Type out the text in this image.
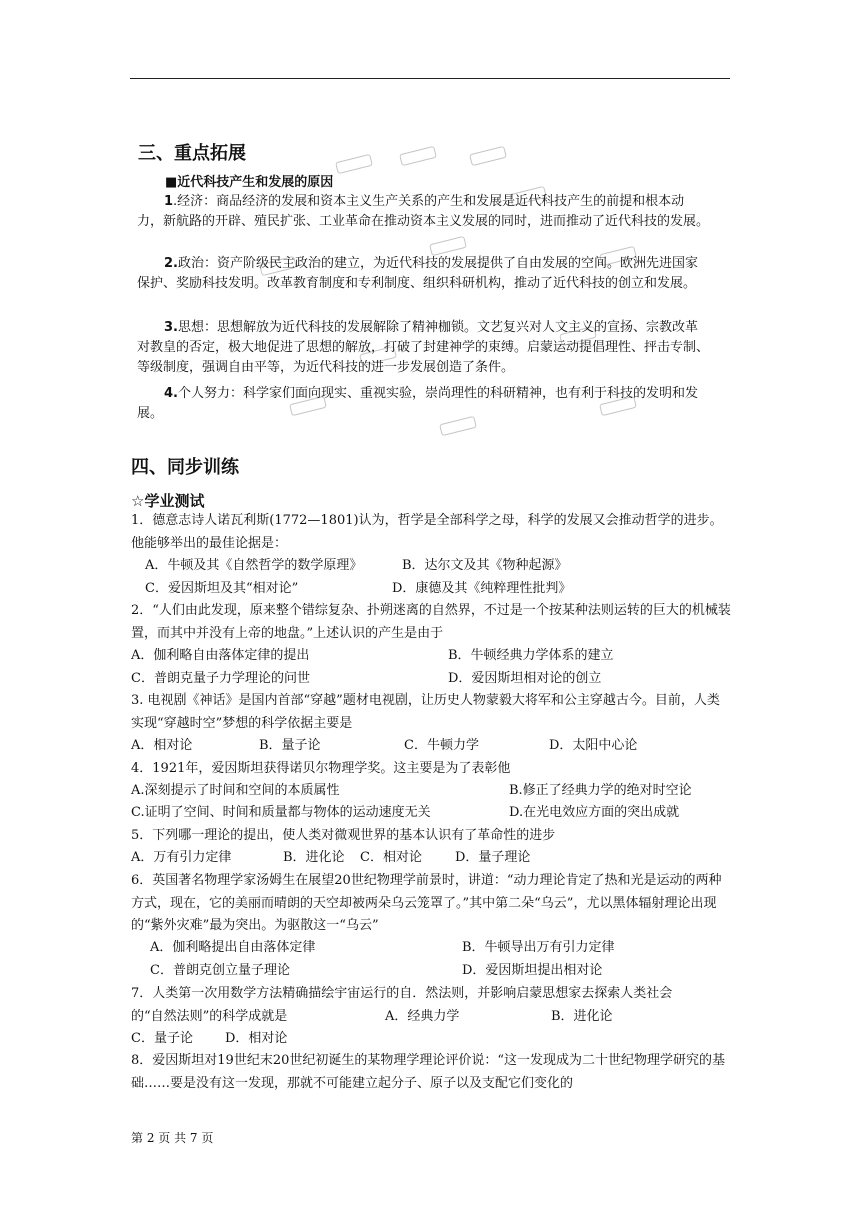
三、重点拓展
■近代科技产生和发展的原因
1.经济：商品经济的发展和资本主义生产关系的产生和发展是近代科技产生的前提和根本动力，新航路的开辟、殖民扩张、工业革命在推动资本主义发展的同时，进而推动了近代科技的发展。
2.政治：资产阶级民主政治的建立，为近代科技的发展提供了自由发展的空间。欧洲先进国家保护、奖励科技发明。改革教育制度和专利制度、组织科研机构，推动了近代科技的创立和发展。
3.思想：思想解放为近代科技的发展解除了精神枷锁。文艺复兴对人文主义的宣扬、宗教改革对教皇的否定，极大地促进了思想的解放，打破了封建神学的束缚。启蒙运动提倡理性、抨击专制、等级制度，强调自由平等，为近代科技的进一步发展创造了条件。
4.个人努力：科学家们面向现实、重视实验，崇尚理性的科研精神，也有利于科技的发明和发展。
四、同步训练
☆学业测试
1．德意志诗人诺瓦利斯(1772—1801)认为，哲学是全部科学之母，科学的发展又会推动哲学的进步。他能够举出的最佳论据是：
A．牛顿及其《自然哲学的数学原理》	B．达尔文及其《物种起源》
C．爱因斯坦及其“相对论”	D．康德及其《纯粹理性批判》
2．“人们由此发现，原来整个错综复杂、扑朔迷离的自然界，不过是一个按某种法则运转的巨大的机械装置，而其中并没有上帝的地盘。”上述认识的产生是由于
A．伽利略自由落体定律的提出	B．牛顿经典力学体系的建立
C．普朗克量子力学理论的问世	D．爱因斯坦相对论的创立
3. 电视剧《神话》是国内首部“穿越”题材电视剧，让历史人物蒙毅大将军和公主穿越古今。目前，人类实现“穿越时空”梦想的科学依据主要是
A．相对论	B．量子论	C．牛顿力学	D．太阳中心论
4．1921年，爱因斯坦获得诺贝尔物理学奖。这主要是为了表彰他
A.深刻提示了时间和空间的本质属性	B.修正了经典力学的绝对时空论
C.证明了空间、时间和质量都与物体的运动速度无关	D.在光电效应方面的突出成就
5．下列哪一理论的提出，使人类对微观世界的基本认识有了革命性的进步
A．万有引力定律	B．进化论 C．相对论	D．量子理论
6．英国著名物理学家汤姆生在展望20世纪物理学前景时，讲道：“动力理论肯定了热和光是运动的两种方式，现在，它的美丽而晴朗的天空却被两朵乌云笼罩了。”其中第二朵“乌云”，尤以黑体辐射理论出现的“紫外灾难”最为突出。为驱散这一“乌云”
A．伽利略提出自由落体定律	B．牛顿导出万有引力定律
C．普朗克创立量子理论	D．爱因斯坦提出相对论
7．人类第一次用数学方法精确描绘宇宙运行的自．然法则，并影响启蒙思想家去探索人类社会的“自然法则”的科学成就是	A．经典力学	B．进化论
C．量子论 D．相对论
8．爱因斯坦对19世纪末20世纪初诞生的某物理学理论评价说：“这一发现成为二十世纪物理学研究的基础……要是没有这一发现，那就不可能建立起分子、原子以及支配它们变化的
第 2 页 共 7 页
